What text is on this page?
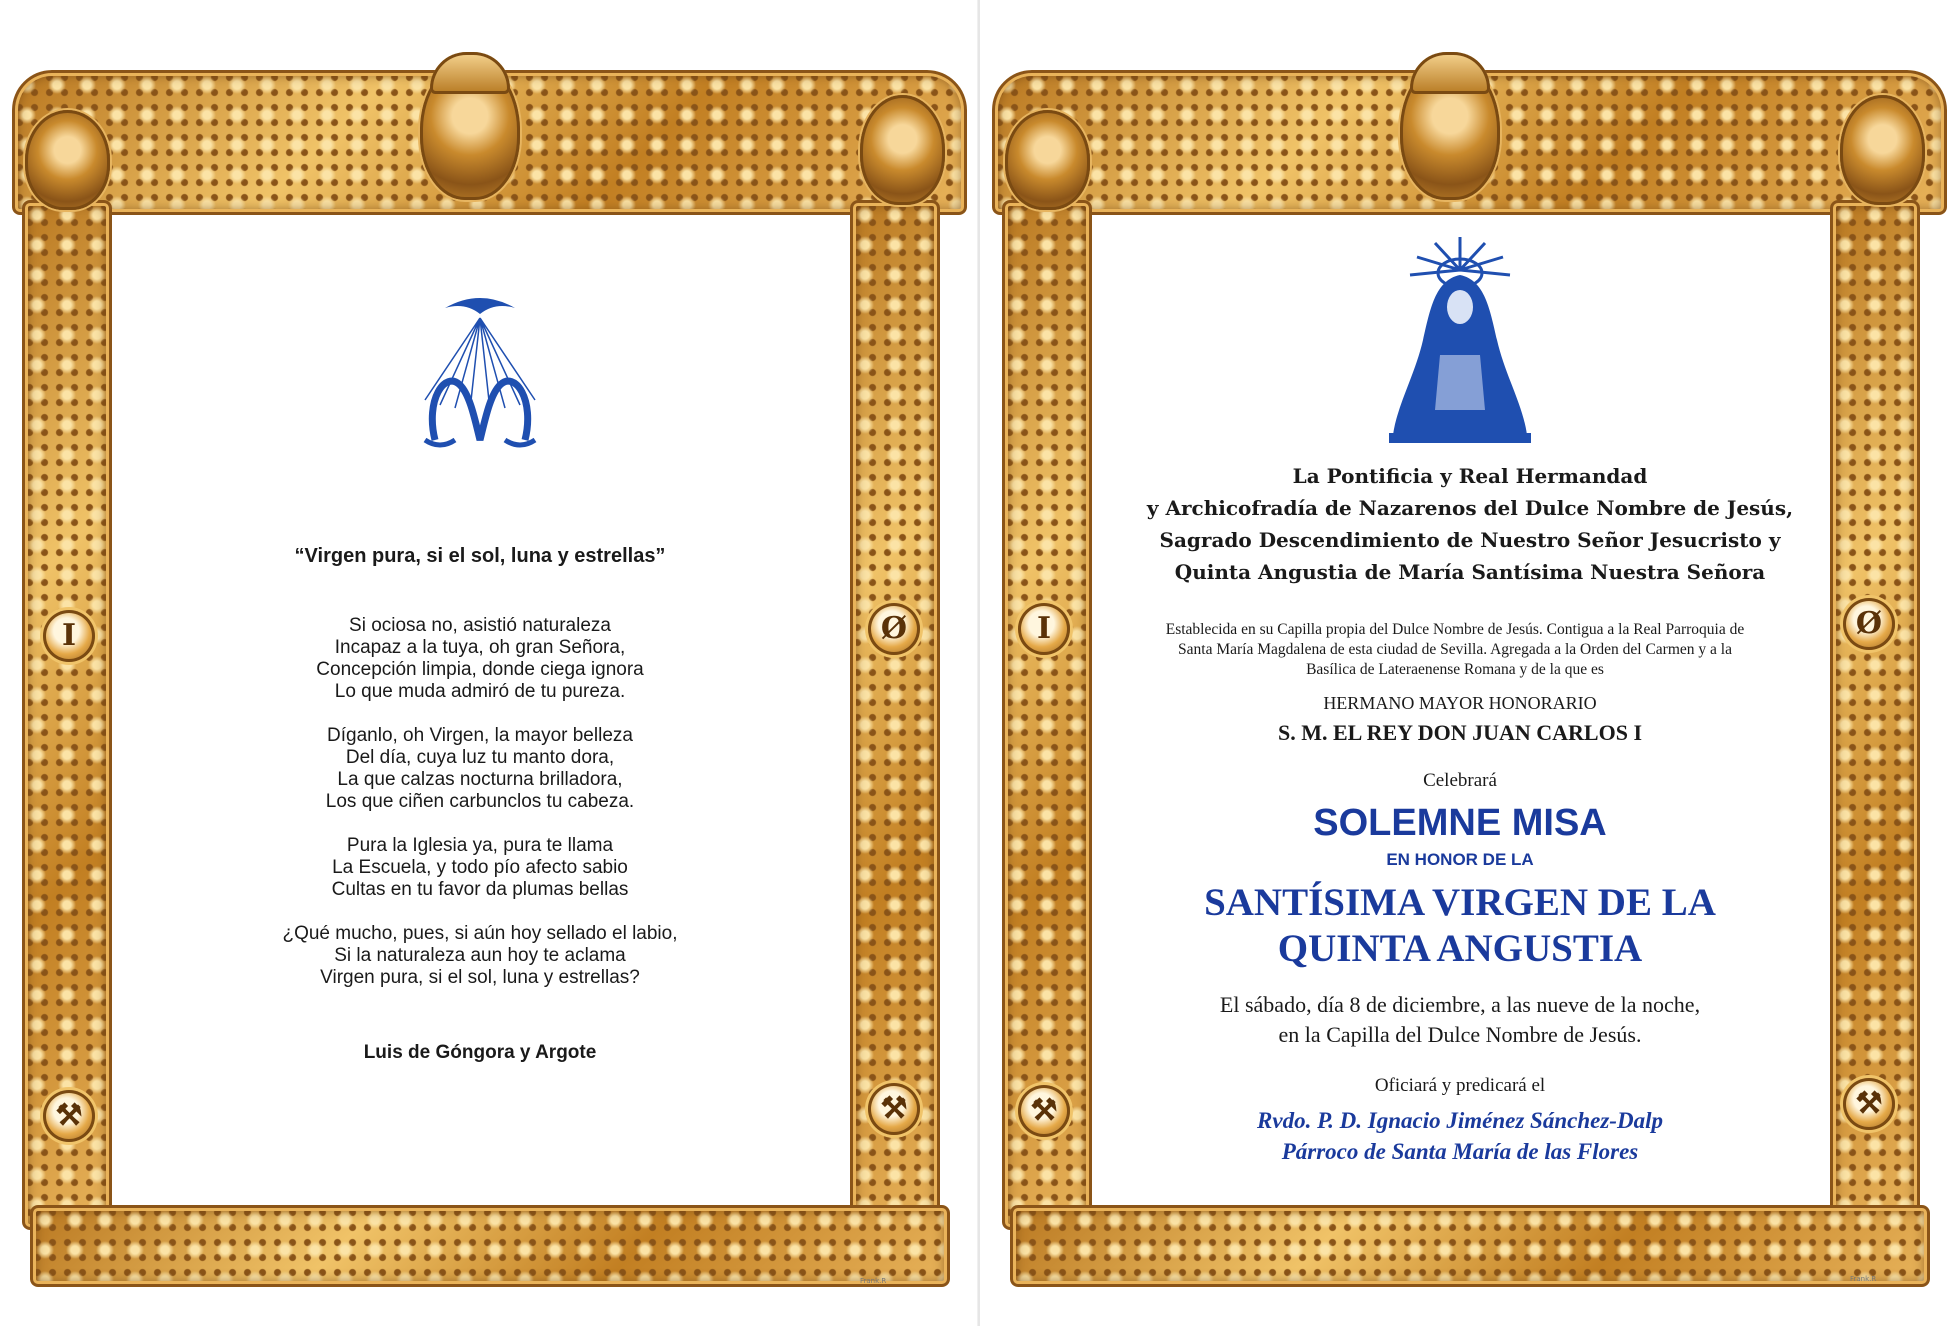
I	Ø
⚒	⚒
Frank.R
“Virgen pura, si el sol, luna y estrellas”
Si ociosa no, asistió naturaleza
Incapaz a la tuya, oh gran Señora,
Concepción limpia, donde ciega ignora
Lo que muda admiró de tu pureza.
Díganlo, oh Virgen, la mayor belleza
Del día, cuya luz tu manto dora,
La que calzas nocturna brilladora,
Los que ciñen carbunclos tu cabeza.
Pura la Iglesia ya, pura te llama
La Escuela, y todo pío afecto sabio
Cultas en tu favor da plumas bellas
¿Qué mucho, pues, si aún hoy sellado el labio,
Si la naturaleza aun hoy te aclama
Virgen pura, si el sol, luna y estrellas?
Luis de Góngora y Argote
I	Ø
⚒	⚒
Frank.R
La Pontificia y Real Hermandad
y Archicofradía de Nazarenos del Dulce Nombre de Jesús,
Sagrado Descendimiento de Nuestro Señor Jesucristo y
Quinta Angustia de María Santísima Nuestra Señora
Establecida en su Capilla propia del Dulce Nombre de Jesús. Contigua a la Real Parroquia de
Santa María Magdalena de esta ciudad de Sevilla. Agregada a la Orden del Carmen y a la
Basílica de Lateraenense Romana y de la que es
HERMANO MAYOR HONORARIO
S. M. EL REY DON JUAN CARLOS I
Celebrará
SOLEMNE MISA
EN HONOR DE LA
SANTÍSIMA VIRGEN DE LA
QUINTA ANGUSTIA
El sábado, día 8 de diciembre, a las nueve de la noche,
en la Capilla del Dulce Nombre de Jesús.
Oficiará y predicará el
Rvdo. P. D. Ignacio Jiménez Sánchez-Dalp
Párroco de Santa María de las Flores
